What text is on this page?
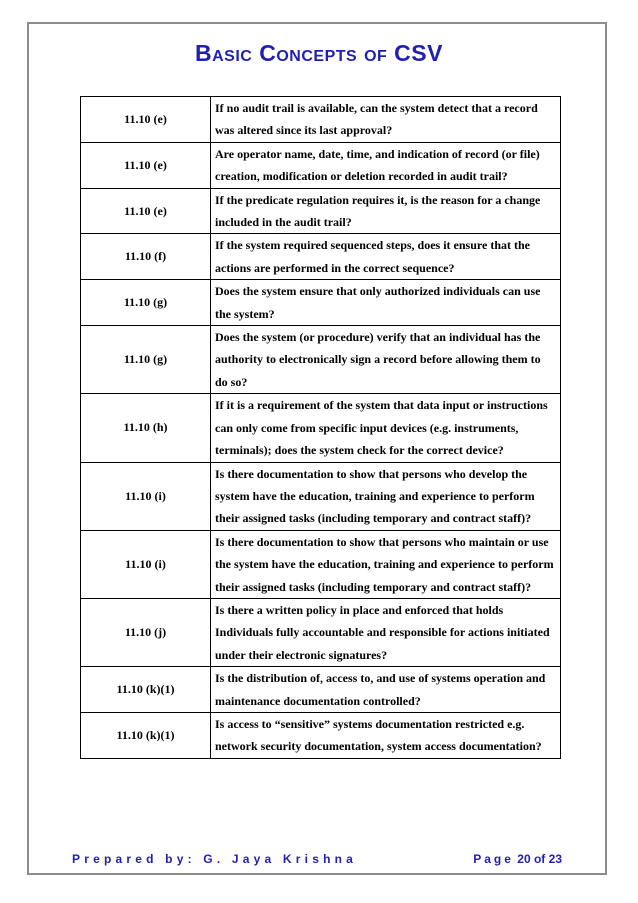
Basic Concepts of CSV
11.10 (e)	If no audit trail is available, can the system detect that a record was altered since its last approval?
11.10 (e)	Are operator name, date, time, and indication of record (or file) creation, modification or deletion recorded in audit trail?
11.10 (e)	If the predicate regulation requires it, is the reason for a change included in the audit trail?
11.10 (f)	If the system required sequenced steps, does it ensure that the actions are performed in the correct sequence?
11.10 (g)	Does the system ensure that only authorized individuals can use the system?
11.10 (g)	Does the system (or procedure) verify that an individual has the authority to electronically sign a record before allowing them to do so?
11.10 (h)	If it is a requirement of the system that data input or instructions can only come from specific input devices (e.g. instruments, terminals); does the system check for the correct device?
11.10 (i)	Is there documentation to show that persons who develop the system have the education, training and experience to perform their assigned tasks (including temporary and contract staff)?
11.10 (i)	Is there documentation to show that persons who maintain or use the system have the education, training and experience to perform their assigned tasks (including temporary and contract staff)?
11.10 (j)	Is there a written policy in place and enforced that holds Individuals fully accountable and responsible for actions initiated under their electronic signatures?
11.10 (k)(1)	Is the distribution of, access to, and use of systems operation and maintenance documentation controlled?
11.10 (k)(1)	Is access to “sensitive” systems documentation restricted e.g. network security documentation, system access documentation?
Prepared by: G. Jaya Krishna	Page 20 of 23
